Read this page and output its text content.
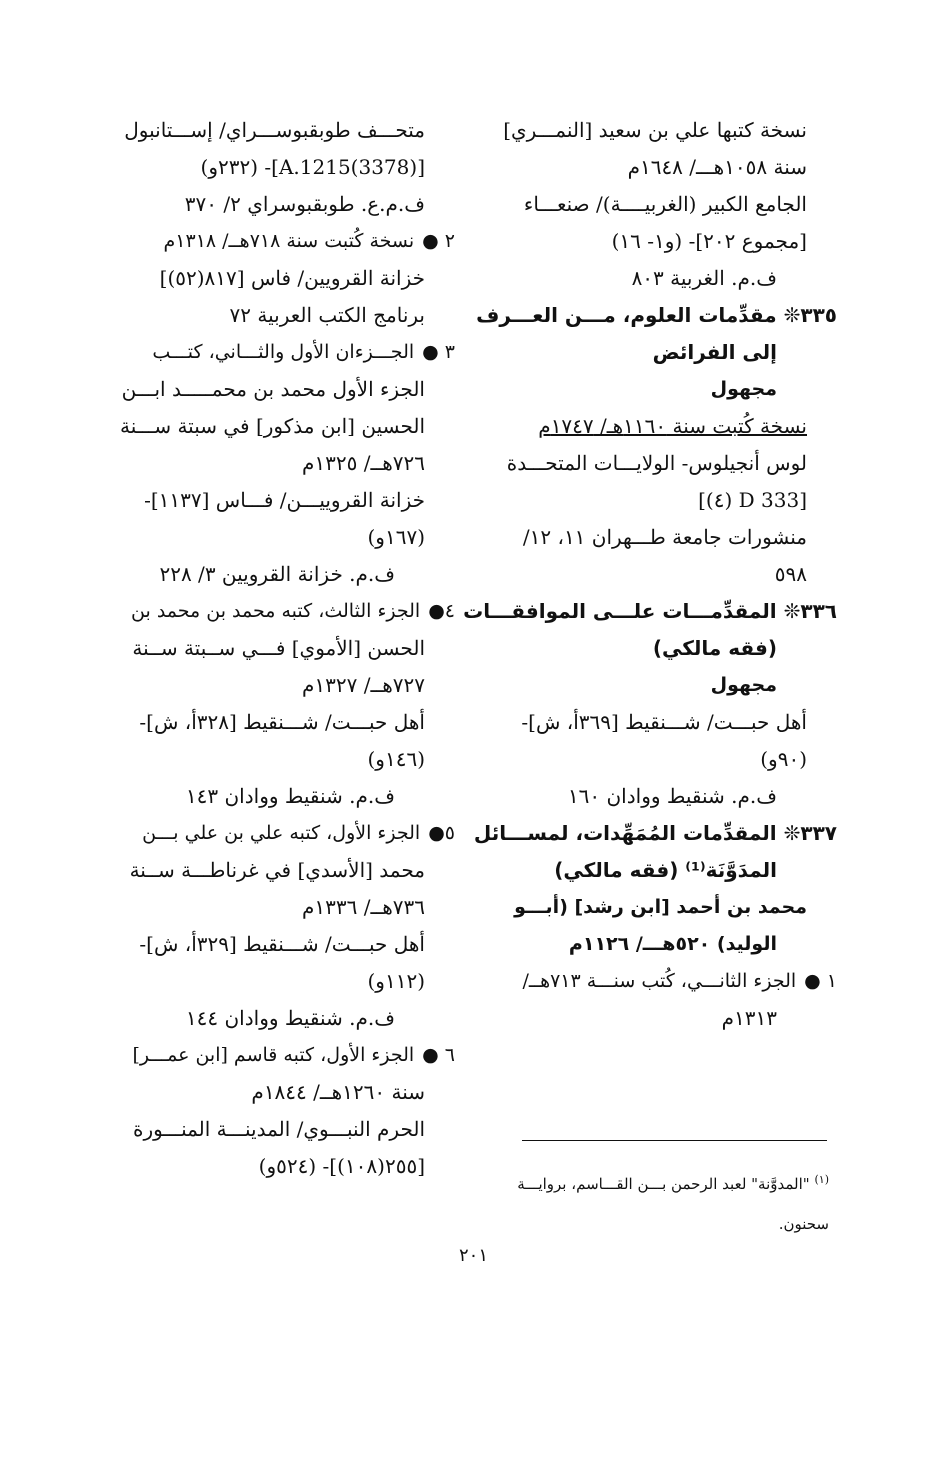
نسخة كتبها علي بن سعيد [النمـــري]
سنة ١٠٥٨هـــ/ ١٦٤٨م
الجامع الكبير (الغربيــــة)/ صنعـــاء
[مجموع ٢٠٢]- (و١- ١٦)
ف.م. الغربية ٨٠٣
٣٣٥❊ مقدِّمات العلوم، مـــن العـــرف
إلى الفرائض
مجهول
نسخة كُتبت سنة ١١٦٠هـ/ ١٧٤٧م
لوس أنجيلوس- الولايـــات المتحـــدة
[D 333 (٤)]
منشورات جامعة طـــهران ١١، ١٢/
٥٩٨
٣٣٦❊ المقدِّمـــات علـــى الموافقـــات
(فقه مالكي)
مجهول
أهل حبـــت/ شـــنقيط [٣٦٩أ، ش]-
(٩٠و)
ف.م. شنقيط ووادان ١٦٠
٣٣٧❊ المقدِّمات المُمَهِّدات، لمســـائل
المدَوَّنَة⁽¹⁾ (فقه مالكي)
محمد بن أحمد [ابن رشد] (أبـــو
الوليد) ٥٢٠هـــ/ ١١٢٦م
١ ●الجزء الثانـــي، كُتب سنـــة ٧١٣هــ/
١٣١٣م
متحـــف طوبقبوســـراي/ إســـتانبول
[A.1215(3378)]- (٢٣٢و)
ف.م.ع. طوبقبوسراي ٢/ ٣٧٠
٢ ●نسخة كُتبت سنة ٧١٨هــ/ ١٣١٨م
خزانة القرويين/ فاس [٨١٧(٥٢)]
برنامج الكتب العربية ٧٢
٣ ●الجـــزءان الأول والثـــاني، كتـــب
الجزء الأول محمد بن محمـــــد ابـــن
الحسين [ابن مذكور] في سبتة ســـنة
٧٢٦هــ/ ١٣٢٥م
خزانة القروييـــن/ فـــاس [١١٣٧]-
(١٦٧و)
ف.م. خزانة القرويين ٣/ ٢٢٨
٤●الجزء الثالث، كتبه محمد بن محمد بن
الحسن [الأموي] فـــي ســبتة ســنة
٧٢٧هــ/ ١٣٢٧م
أهل حبـــت/ شـــنقيط [٣٢٨أ، ش]-
(١٤٦و)
ف.م. شنقيط ووادان ١٤٣
٥●الجزء الأول، كتبه علي بن علي بـــن
محمد [الأسدي] في غرناطـــة ســنة
٧٣٦هــ/ ١٣٣٦م
أهل حبـــت/ شـــنقيط [٣٢٩أ، ش]-
(١١٢و)
ف.م. شنقيط ووادان ١٤٤
٦ ●الجزء الأول، كتبه قاسم [ابن عمـــر]
سنة ١٢٦٠هــ/ ١٨٤٤م
الحرم النبـــوي/ المدينـــة المنـــورة
[٢٥٥(١٠٨)]- (٥٢٤و)
$^{(١)}$ "المدوَّنة" لعبد الرحمن بـــن القـــاسم، بروايـــة
سحنون.
٢٠١
